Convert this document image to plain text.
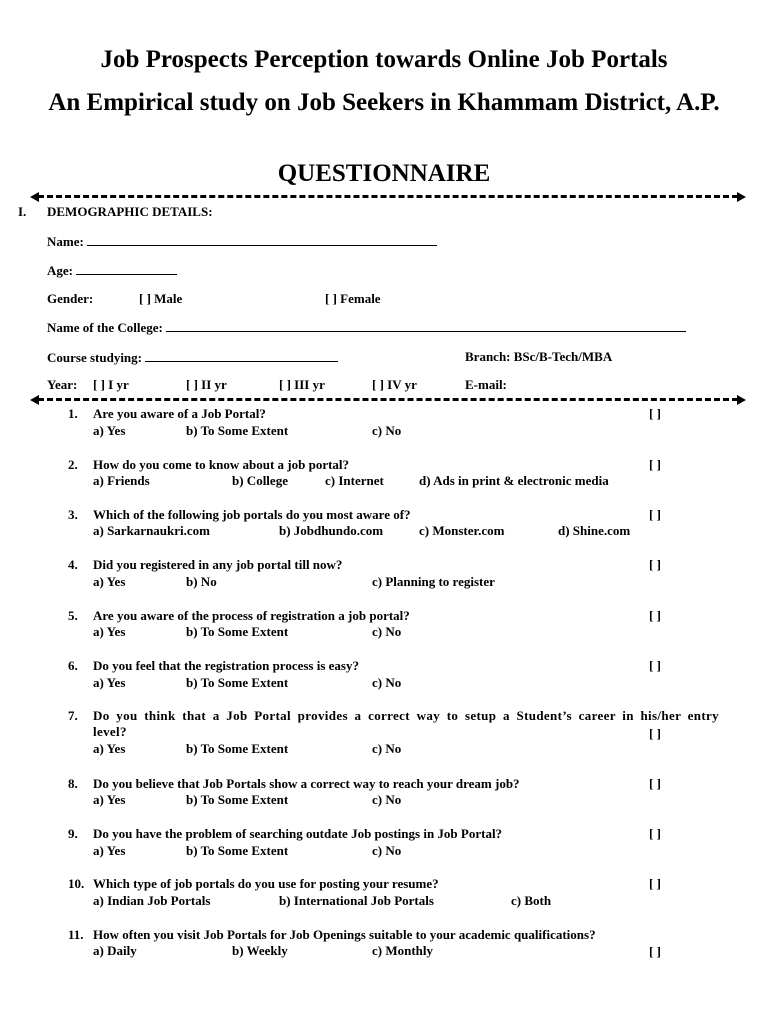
Job Prospects Perception towards Online Job Portals
An Empirical study on Job Seekers in Khammam District, A.P.
QUESTIONNAIRE
I. DEMOGRAPHIC DETAILS:
Name:
Age:
Gender:	[ ] Male	[ ] Female
Name of the College:
Course studying:	Branch: BSc/B-Tech/MBA
Year: [ ] I yr	[ ] II yr	[ ] III yr	[ ] IV yr	E-mail:
1. Are you aware of a Job Portal?	[ ]
a) Yes	b) To Some Extent	c) No
2. How do you come to know about a job portal?	[ ]
a) Friends	b) College	c) Internet	d) Ads in print & electronic media
3. Which of the following job portals do you most aware of?	[ ]
a) Sarkarnaukri.com	b) Jobdhundo.com	c) Monster.com	d) Shine.com
4. Did you registered in any job portal till now?	[ ]
a) Yes	b) No	c) Planning to register
5. Are you aware of the process of registration a job portal?	[ ]
a) Yes	b) To Some Extent	c) No
6. Do you feel that the registration process is easy?	[ ]
a) Yes	b) To Some Extent	c) No
7. Do you think that a Job Portal provides a correct way to setup a Student’s career in his/her entry level?	[ ]
a) Yes	b) To Some Extent	c) No
8. Do you believe that Job Portals show a correct way to reach your dream job?	[ ]
a) Yes	b) To Some Extent	c) No
9. Do you have the problem of searching outdate Job postings in Job Portal?	[ ]
a) Yes	b) To Some Extent	c) No
10. Which type of job portals do you use for posting your resume?	[ ]
a) Indian Job Portals	b) International Job Portals	c) Both
11. How often you visit Job Portals for Job Openings suitable to your academic qualifications?
[ ]
a) Daily	b) Weekly	c) Monthly
